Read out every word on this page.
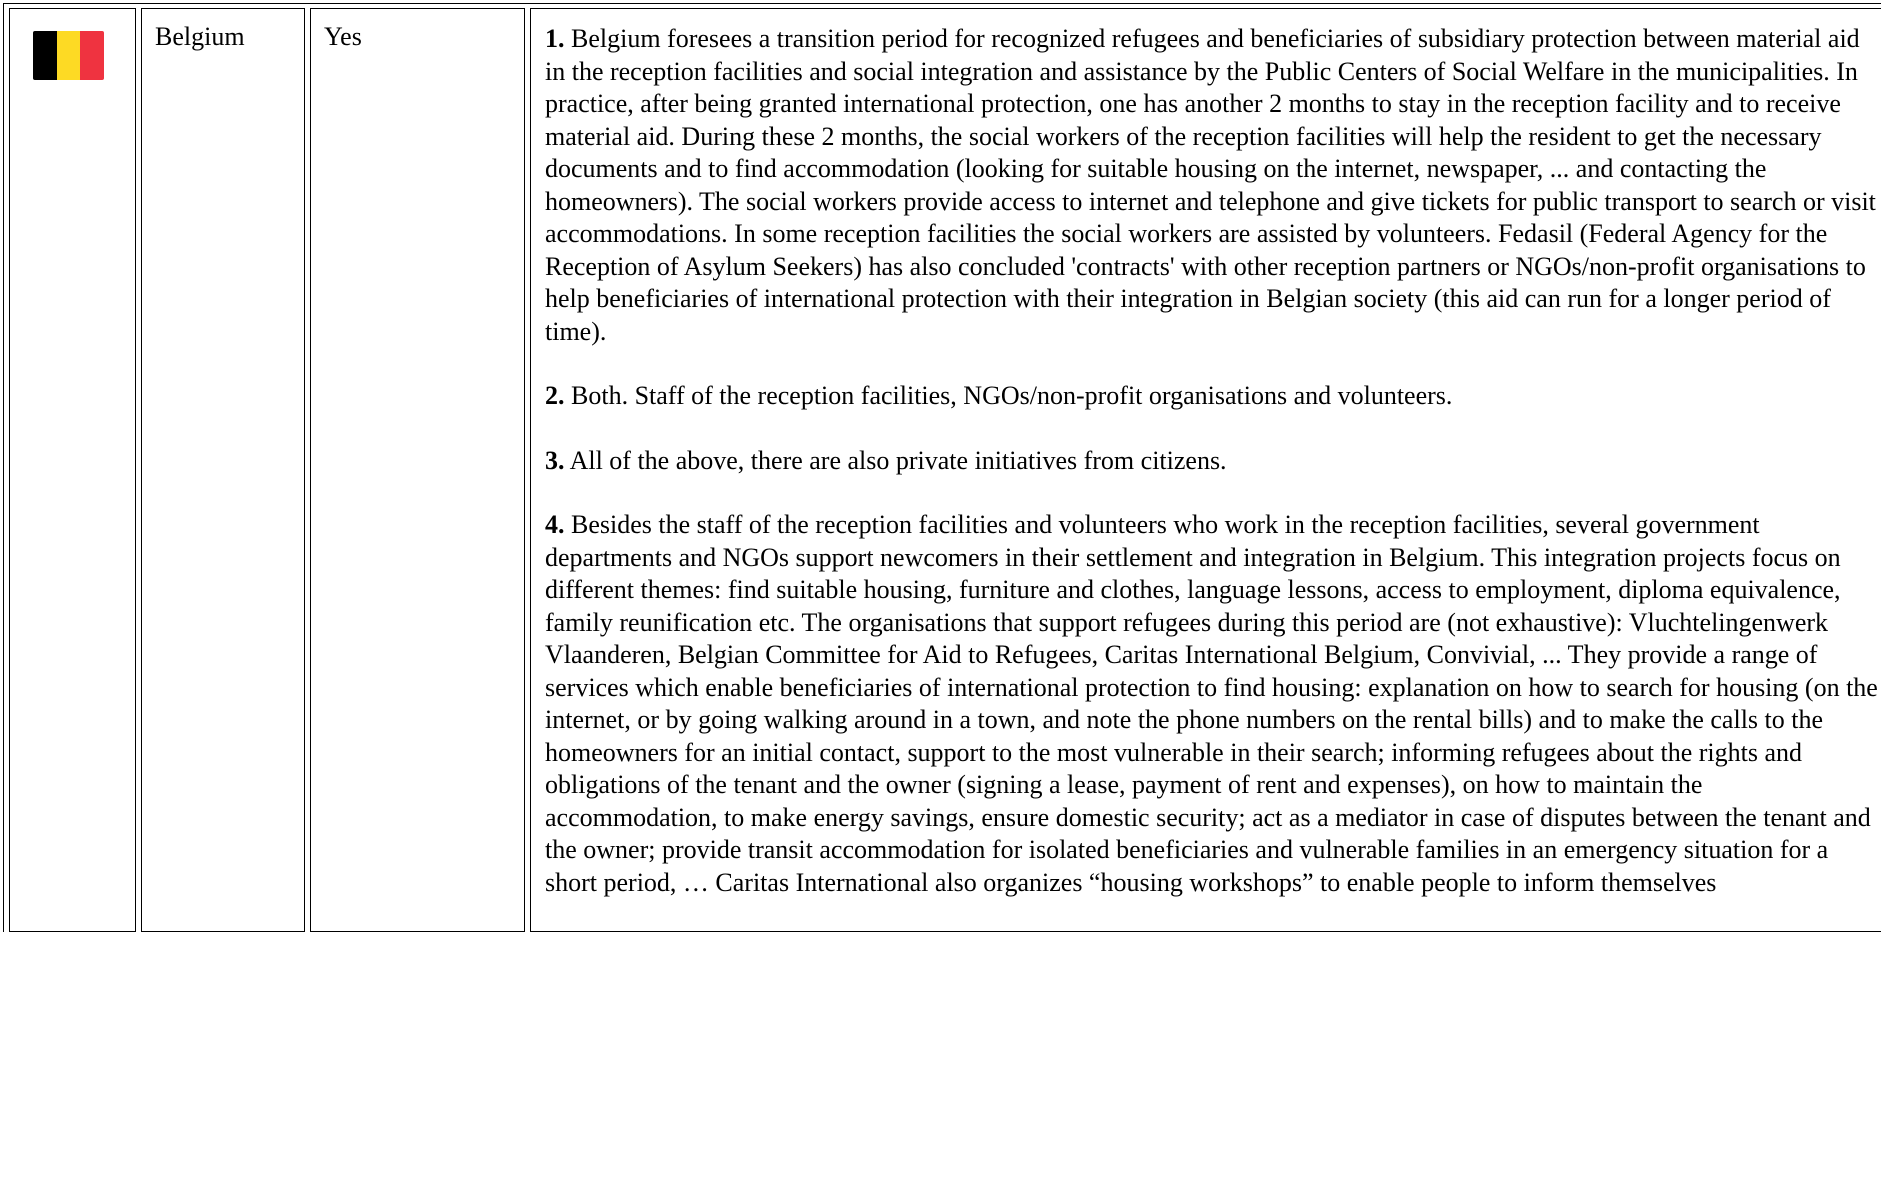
	Belgium	Yes	1. Belgium foresees a transition period for recognized refugees and beneficiaries of subsidiary protection between material aid in the reception facilities and social integration and assistance by the Public Centers of Social Welfare in the municipalities. In practice, after being granted international protection, one has another 2 months to stay in the reception facility and to receive material aid. During these 2 months, the social workers of the reception facilities will help the resident to get the necessary documents and to find accommodation (looking for suitable housing on the internet, newspaper, ... and contacting the homeowners). The social workers provide access to internet and telephone and give tickets for public transport to search or visit accommodations. In some reception facilities the social workers are assisted by volunteers. Fedasil (Federal Agency for the Reception of Asylum Seekers) has also concluded 'contracts' with other reception partners or NGOs/non-profit organisations to help beneficiaries of international protection with their integration in Belgian society (this aid can run for a longer period of time).

2. Both. Staff of the reception facilities, NGOs/non-profit organisations and volunteers.

3. All of the above, there are also private initiatives from citizens.

4. Besides the staff of the reception facilities and volunteers who work in the reception facilities, several government departments and NGOs support newcomers in their settlement and integration in Belgium. This integration projects focus on different themes: find suitable housing, furniture and clothes, language lessons, access to employment, diploma equivalence, family reunification etc. The organisations that support refugees during this period are (not exhaustive): Vluchtelingenwerk Vlaanderen, Belgian Committee for Aid to Refugees, Caritas International Belgium, Convivial, ... They provide a range of services which enable beneficiaries of international protection to find housing: explanation on how to search for housing (on the internet, or by going walking around in a town, and note the phone numbers on the rental bills) and to make the calls to the homeowners for an initial contact, support to the most vulnerable in their search; informing refugees about the rights and obligations of the tenant and the owner (signing a lease, payment of rent and expenses), on how to maintain the accommodation, to make energy savings, ensure domestic security; act as a mediator in case of disputes between the tenant and the owner; provide transit accommodation for isolated beneficiaries and vulnerable families in an emergency situation for a short period, … Caritas International also organizes “housing workshops” to enable people to inform themselves
